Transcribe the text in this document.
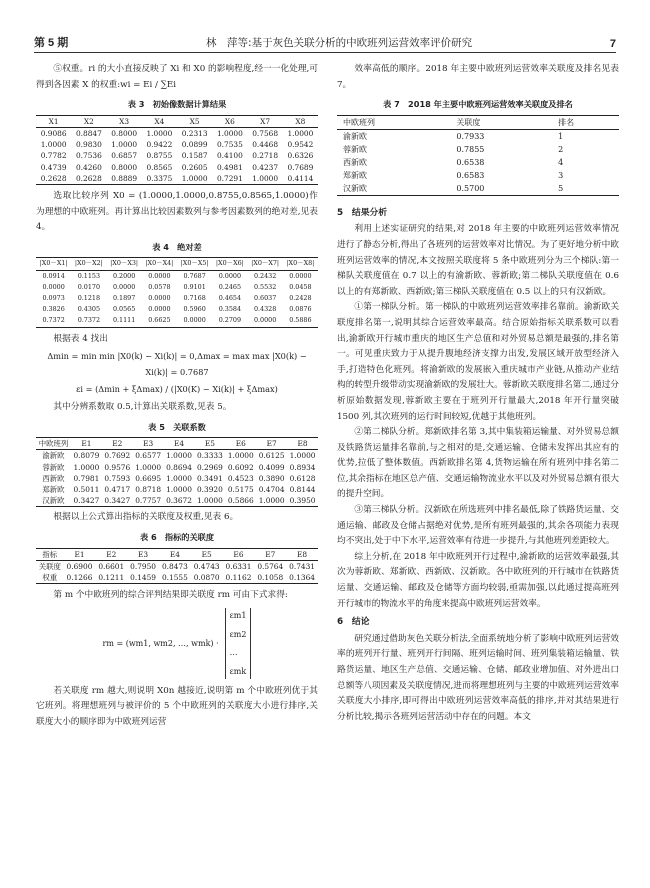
第 5 期	林　萍等:基于灰色关联分析的中欧班列运营效率评价研究	7

⑤权重。ri 的大小直接反映了 Xi 和 X0 的影响程度,经一一化处理,可得到各因素 X 的权重:wi = Ei / ∑Ei

表 3　初始像数据计算结果
X1	X2	X3	X4	X5	X6	X7	X8
0.9086	0.8847	0.8000	1.0000	0.2313	1.0000	0.7568	1.0000
1.0000	0.9830	1.0000	0.9422	0.0899	0.7535	0.4468	0.9542
0.7782	0.7536	0.6857	0.8755	0.1587	0.4100	0.2718	0.6326
0.4739	0.4260	0.8000	0.8565	0.2605	0.4981	0.4237	0.7689
0.2628	0.2628	0.8889	0.3375	1.0000	0.7291	1.0000	0.4114

选取比较序列 X0 = (1.0000,1.0000,0.8755,0.8565,1.0000)作为理想的中欧班列。再计算出比较因素数列与参考因素数列的绝对差,见表 4。

表 4　绝对差
|X0－X1|	|X0－X2|	|X0－X3|	|X0－X4|	|X0－X5|	|X0－X6|	|X0－X7|	|X0－X8|
0.0914	0.1153	0.2000	0.0000	0.7687	0.0000	0.2432	0.0000
0.0000	0.0170	0.0000	0.0578	0.9101	0.2465	0.5532	0.0458
0.0973	0.1218	0.1897	0.0000	0.7168	0.4654	0.6037	0.2428
0.3826	0.4305	0.0565	0.0000	0.5960	0.3584	0.4328	0.0876
0.7372	0.7372	0.1111	0.6625	0.0000	0.2709	0.0000	0.5886

根据表 4 找出

Δmin = min min |X0(k) − Xi(k)| = 0,Δmax = max max |X0(k) − Xi(k)| = 0.7687
εi = (Δmin + ξΔmax) / (|X0(K) − Xi(k)| + ξΔmax)

其中分辨系数取 0.5,计算出关联系数,见表 5。

表 5　关联系数
中欧班列	E1	E2	E3	E4	E5	E6	E7	E8
渝新欧	0.8079	0.7692	0.6577	1.0000	0.3333	1.0000	0.6125	1.0000
蓉新欧	1.0000	0.9576	1.0000	0.8694	0.2969	0.6092	0.4099	0.8934
西新欧	0.7981	0.7593	0.6695	1.0000	0.3491	0.4523	0.3890	0.6128
郑新欧	0.5011	0.4717	0.8718	1.0000	0.3920	0.5175	0.4704	0.8144
汉新欧	0.3427	0.3427	0.7757	0.3672	1.0000	0.5866	1.0000	0.3950

根据以上公式算出指标的关联度及权重,见表 6。

表 6　指标的关联度
指标	E1	E2	E3	E4	E5	E6	E7	E8
关联度	0.6900	0.6601	0.7950	0.8473	0.4743	0.6331	0.5764	0.7431
权重	0.1266	0.1211	0.1459	0.1555	0.0870	0.1162	0.1058	0.1364

第 m 个中欧班列的综合评判结果即关联度 rm 可由下式求得:

rm = (wm1, wm2, …, wmk) ·
εm1
εm2
…
εmk

若关联度 rm 越大,则说明 X0n 越接近,说明第 m 个中欧班列优于其它班列。将理想班列与被评价的 5 个中欧班列的关联度大小进行排序,关联度大小的顺序即为中欧班列运营

效率高低的顺序。2018 年主要中欧班列运营效率关联度及排名见表 7。

表 7　2018 年主要中欧班列运营效率关联度及排名
中欧班列	关联度	排名
渝新欧	0.7933	1
蓉新欧	0.7855	2
西新欧	0.6538	4
郑新欧	0.6583	3
汉新欧	0.5700	5
5　结果分析

利用上述实证研究的结果,对 2018 年主要的中欧班列运营效率情况进行了静态分析,得出了各班列的运营效率对比情况。为了更好地分析中欧班列运营效率的情况,本文按照关联度将 5 条中欧班列分为三个梯队:第一梯队关联度值在 0.7 以上的有渝新欧、蓉新欧;第二梯队关联度值在 0.6 以上的有郑新欧、西新欧;第三梯队关联度值在 0.5 以上的只有汉新欧。

①第一梯队分析。第一梯队的中欧班列运营效率排名靠前。渝新欧关联度排名第一,说明其综合运营效率最高。结合原始指标关联系数可以看出,渝新欧开行城市重庆的地区生产总值和对外贸易总额是最强的,排名第一。可见重庆致力于从提升腹地经济支撑力出发,发展区域开放型经济入手,打造特色化班列。将渝新欧的发展嵌入重庆城市产业链,从推动产业结构的转型升级带动实现渝新欧的发展壮大。蓉新欧关联度排名第二,通过分析原始数据发现,蓉新欧主要在于班列开行量最大,2018 年开行量突破 1500 列,其次班列的运行时间较短,优越于其他班列。

②第二梯队分析。郑新欧排名第 3,其中集装箱运输量、对外贸易总额及铁路货运量排名靠前,与之相对的是,交通运输、仓储未发挥出其应有的优势,拉低了整体数值。西新欧排名第 4,货物运输在所有班列中排名第二位,其余指标在地区总产值、交通运输物流业水平以及对外贸易总额有很大的提升空间。

③第三梯队分析。汉新欧在所选班列中排名最低,除了铁路货运量、交通运输、邮政及仓储占据绝对优势,是所有班列最强的,其余各项能力表现均不突出,处于中下水平,运营效率有待进一步提升,与其他班列差距较大。

综上分析,在 2018 年中欧班列开行过程中,渝新欧的运营效率最强,其次为蓉新欧、郑新欧、西新欧、汉新欧。各中欧班列的开行城市在铁路货运量、交通运输、邮政及仓储等方面均较弱,亟需加强,以此通过提高班列开行城市的物流水平的角度来提高中欧班列运营效率。

6　结论

研究通过借助灰色关联分析法,全面系统地分析了影响中欧班列运营效率的班列开行量、班列开行间隔、班列运输时间、班列集装箱运输量、铁路货运量、地区生产总值、交通运输、仓储、邮政业增加值、对外进出口总额等八项因素及关联度情况,进而将理想班列与主要的中欧班列运营效率关联度大小排序,即可得出中欧班列运营效率高低的排序,并对其结果进行分析比较,揭示各班列运营活动中存在的问题。本文
